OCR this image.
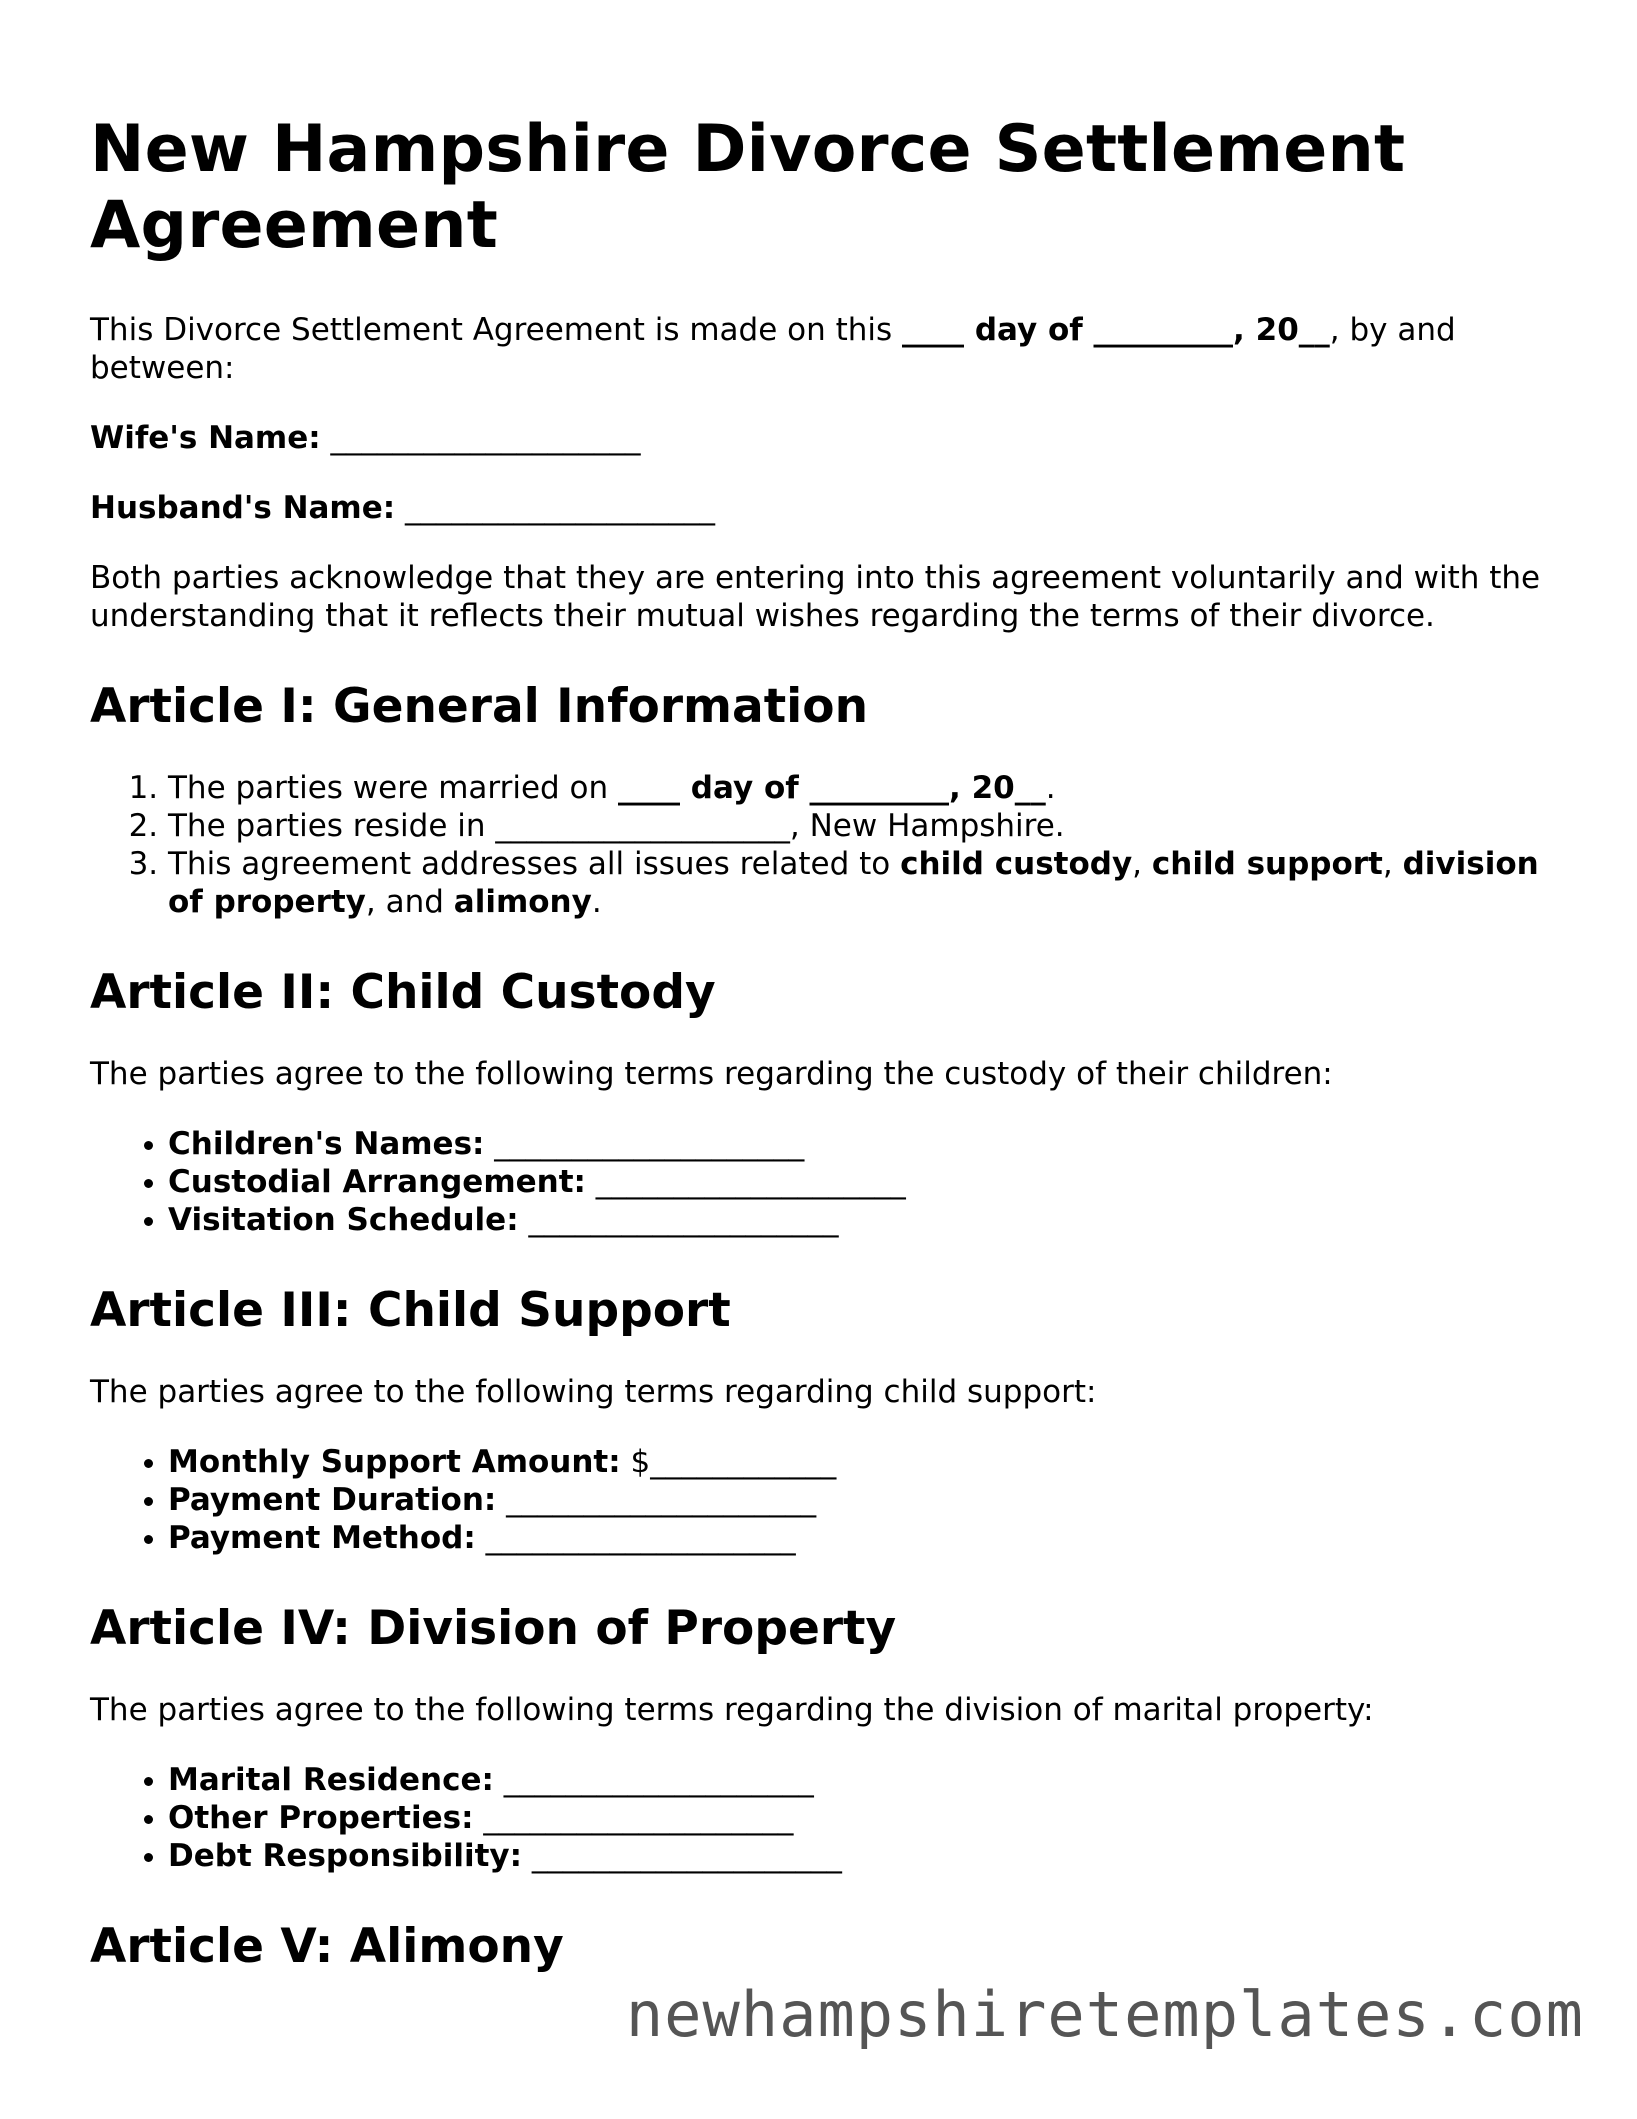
New Hampshire Divorce Settlement Agreement

This Divorce Settlement Agreement is made on this ____ day of _________, 20__, by and between:

Wife's Name: ____________________

Husband's Name: ____________________

Both parties acknowledge that they are entering into this agreement voluntarily and with the understanding that it reflects their mutual wishes regarding the terms of their divorce.

Article I: General Information
1. The parties were married on ____ day of _________, 20__.
2. The parties reside in ___________________, New Hampshire.
3. This agreement addresses all issues related to child custody, child support, division of property, and alimony.
Article II: Child Custody

The parties agree to the following terms regarding the custody of their children:

• Children's Names: ____________________
• Custodial Arrangement: ____________________
• Visitation Schedule: ____________________
Article III: Child Support

The parties agree to the following terms regarding child support:

• Monthly Support Amount: $____________
• Payment Duration: ____________________
• Payment Method: ____________________
Article IV: Division of Property

The parties agree to the following terms regarding the division of marital property:

• Marital Residence: ____________________
• Other Properties: ____________________
• Debt Responsibility: ____________________
Article V: Alimony
newhampshiretemplates.com
